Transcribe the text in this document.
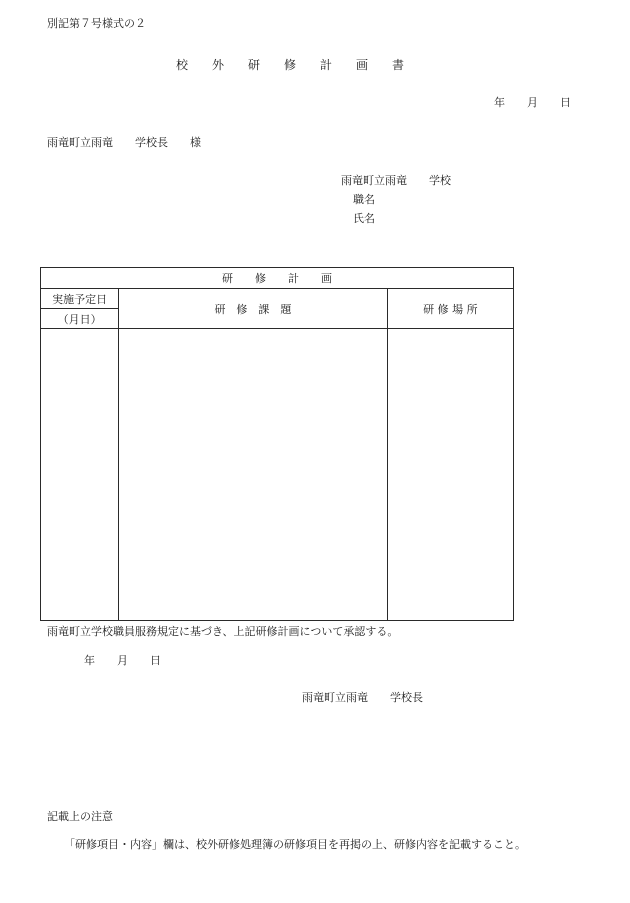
別記第７号様式の２
校　　外　　研　　修　　計　　画　　書
年　　月　　日
雨竜町立雨竜　　学校長　　様
雨竜町立雨竜　　学校
職名
氏名
研　　修　　計　　画		
実施予定日	研　修　課　題	研 修 場 所
（月日）		

雨竜町立学校職員服務規定に基づき、上記研修計画について承認する。
年　　月　　日
雨竜町立雨竜　　学校長
記載上の注意
「研修項目・内容」欄は、校外研修処理簿の研修項目を再掲の上、研修内容を記載すること。
